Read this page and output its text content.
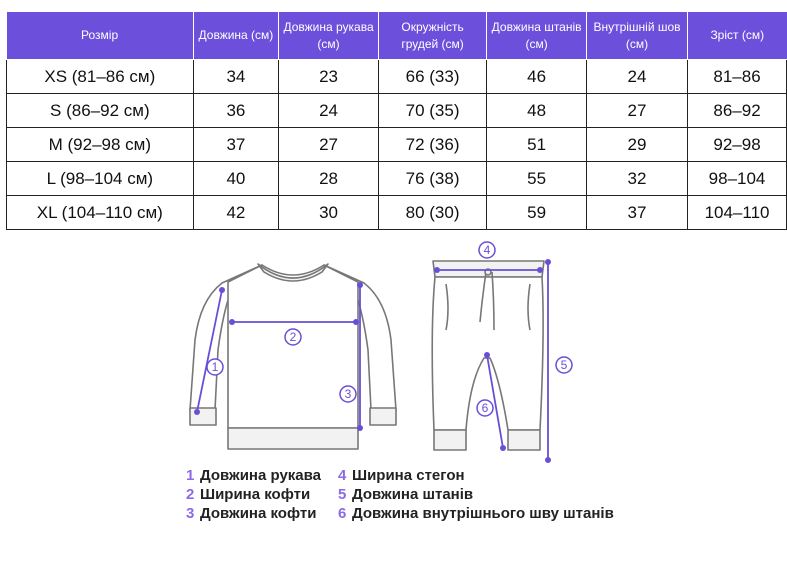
Розмір	Довжина (см)	Довжина рукава (см)	Окружність грудей (см)	Довжина штанів (см)	Внутрішній шов (см)	Зріст (см)
XS (81–86 см)	34	23	66 (33)	46	24	81–86
S (86–92 см)	36	24	70 (35)	48	27	86–92
M (92–98 см)	37	27	72 (36)	51	29	92–98
L (98–104 см)	40	28	76 (38)	55	32	98–104
XL (104–110 см)	42	30	80 (30)	59	37	104–110
1
2
3
4
5
6
1 Довжина рукава
2 Ширина кофти
3 Довжина кофти
4 Ширина стегон
5 Довжина штанів
6 Довжина внутрішнього шву штанів
